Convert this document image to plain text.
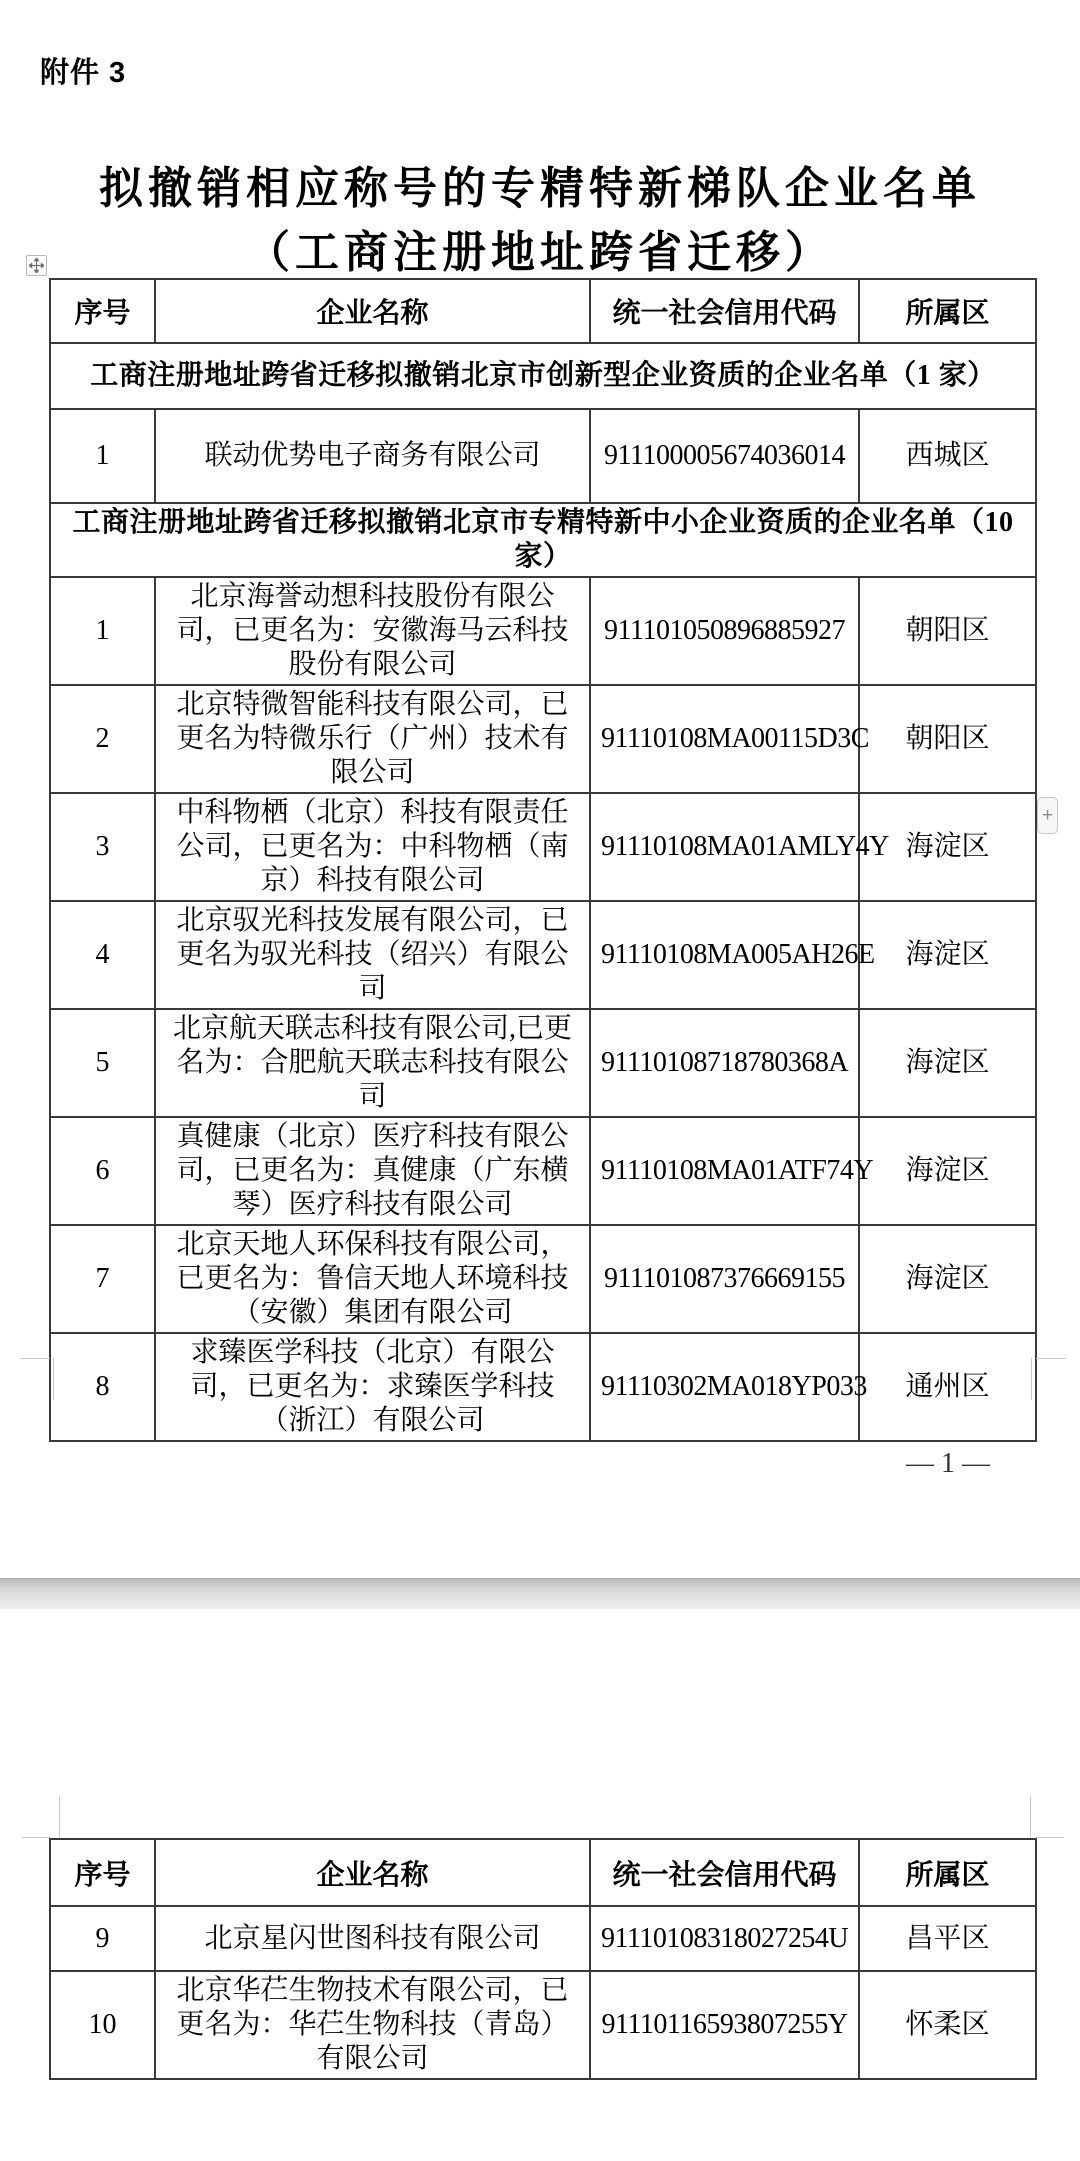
附件 3
拟撤销相应称号的专精特新梯队企业名单
（工商注册地址跨省迁移）
序号	企业名称	统一社会信用代码	所属区
工商注册地址跨省迁移拟撤销北京市创新型企业资质的企业名单（1 家）			
1	联动优势电子商务有限公司	911100005674036014	西城区
工商注册地址跨省迁移拟撤销北京市专精特新中小企业资质的企业名单（10 家）			
1	北京海誉动想科技股份有限公司，已更名为：安徽海马云科技股份有限公司	911101050896885927	朝阳区
2	北京特微智能科技有限公司，已更名为特微乐行（广州）技术有限公司	91110108MA00115D3C	朝阳区
3	中科物栖（北京）科技有限责任公司，已更名为：中科物栖（南京）科技有限公司	91110108MA01AMLY4Y	海淀区
4	北京驭光科技发展有限公司，已更名为驭光科技（绍兴）有限公司	91110108MA005AH26E	海淀区
5	北京航天联志科技有限公司,已更名为：合肥航天联志科技有限公司	91110108718780368A	海淀区
6	真健康（北京）医疗科技有限公司，已更名为：真健康（广东横琴）医疗科技有限公司	91110108MA01ATF74Y	海淀区
7	北京天地人环保科技有限公司，已更名为：鲁信天地人环境科技（安徽）集团有限公司	911101087376669155	海淀区
8	求臻医学科技（北京）有限公司，已更名为：求臻医学科技（浙江）有限公司	91110302MA018YP033	通州区
+
— 1 —
序号	企业名称	统一社会信用代码	所属区
9	北京星闪世图科技有限公司	91110108318027254U	昌平区
10	北京华芢生物技术有限公司，已更名为：华芢生物科技（青岛）有限公司	91110116593807255Y	怀柔区
